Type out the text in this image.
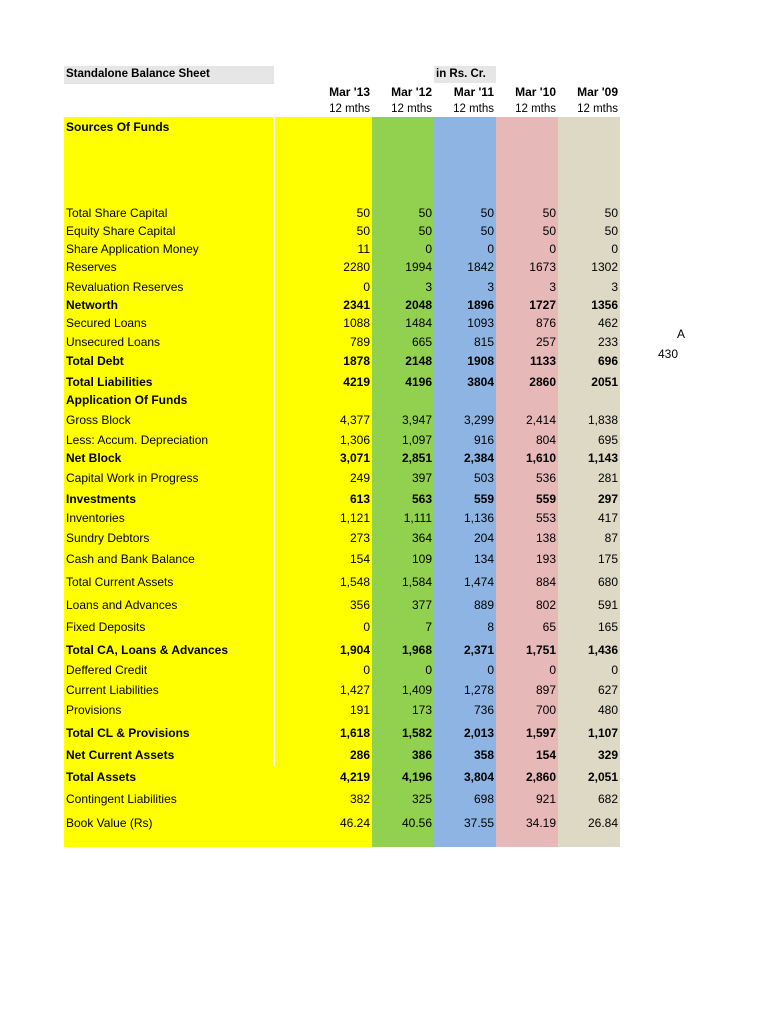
Standalone Balance Sheet	in Rs. Cr.
Mar '13	Mar '12	Mar '11	Mar '10	Mar '09
12 mths	12 mths	12 mths	12 mths	12 mths
Sources Of Funds
Total Share Capital	50	50	50	50	50
Equity Share Capital	50	50	50	50	50
Share Application Money	11	0	0	0	0
Reserves	2280	1994	1842	1673	1302
Revaluation Reserves	0	3	3	3	3
Networth	2341	2048	1896	1727	1356
Secured Loans	1088	1484	1093	876	462
Unsecured Loans	789	665	815	257	233
Total Debt	1878	2148	1908	1133	696
Total Liabilities	4219	4196	3804	2860	2051
Application Of Funds
Gross Block	4,377	3,947	3,299	2,414	1,838
Less: Accum. Depreciation	1,306	1,097	916	804	695
Net Block	3,071	2,851	2,384	1,610	1,143
Capital Work in Progress	249	397	503	536	281
Investments	613	563	559	559	297
Inventories	1,121	1,111	1,136	553	417
Sundry Debtors	273	364	204	138	87
Cash and Bank Balance	154	109	134	193	175
Total Current Assets	1,548	1,584	1,474	884	680
Loans and Advances	356	377	889	802	591
Fixed Deposits	0	7	8	65	165
Total CA, Loans & Advances	1,904	1,968	2,371	1,751	1,436
Deffered Credit	0	0	0	0	0
Current Liabilities	1,427	1,409	1,278	897	627
Provisions	191	173	736	700	480
Total CL & Provisions	1,618	1,582	2,013	1,597	1,107
Net Current Assets	286	386	358	154	329
Total Assets	4,219	4,196	3,804	2,860	2,051
Contingent Liabilities	382	325	698	921	682
Book Value (Rs)	46.24	40.56	37.55	34.19	26.84
A
430
